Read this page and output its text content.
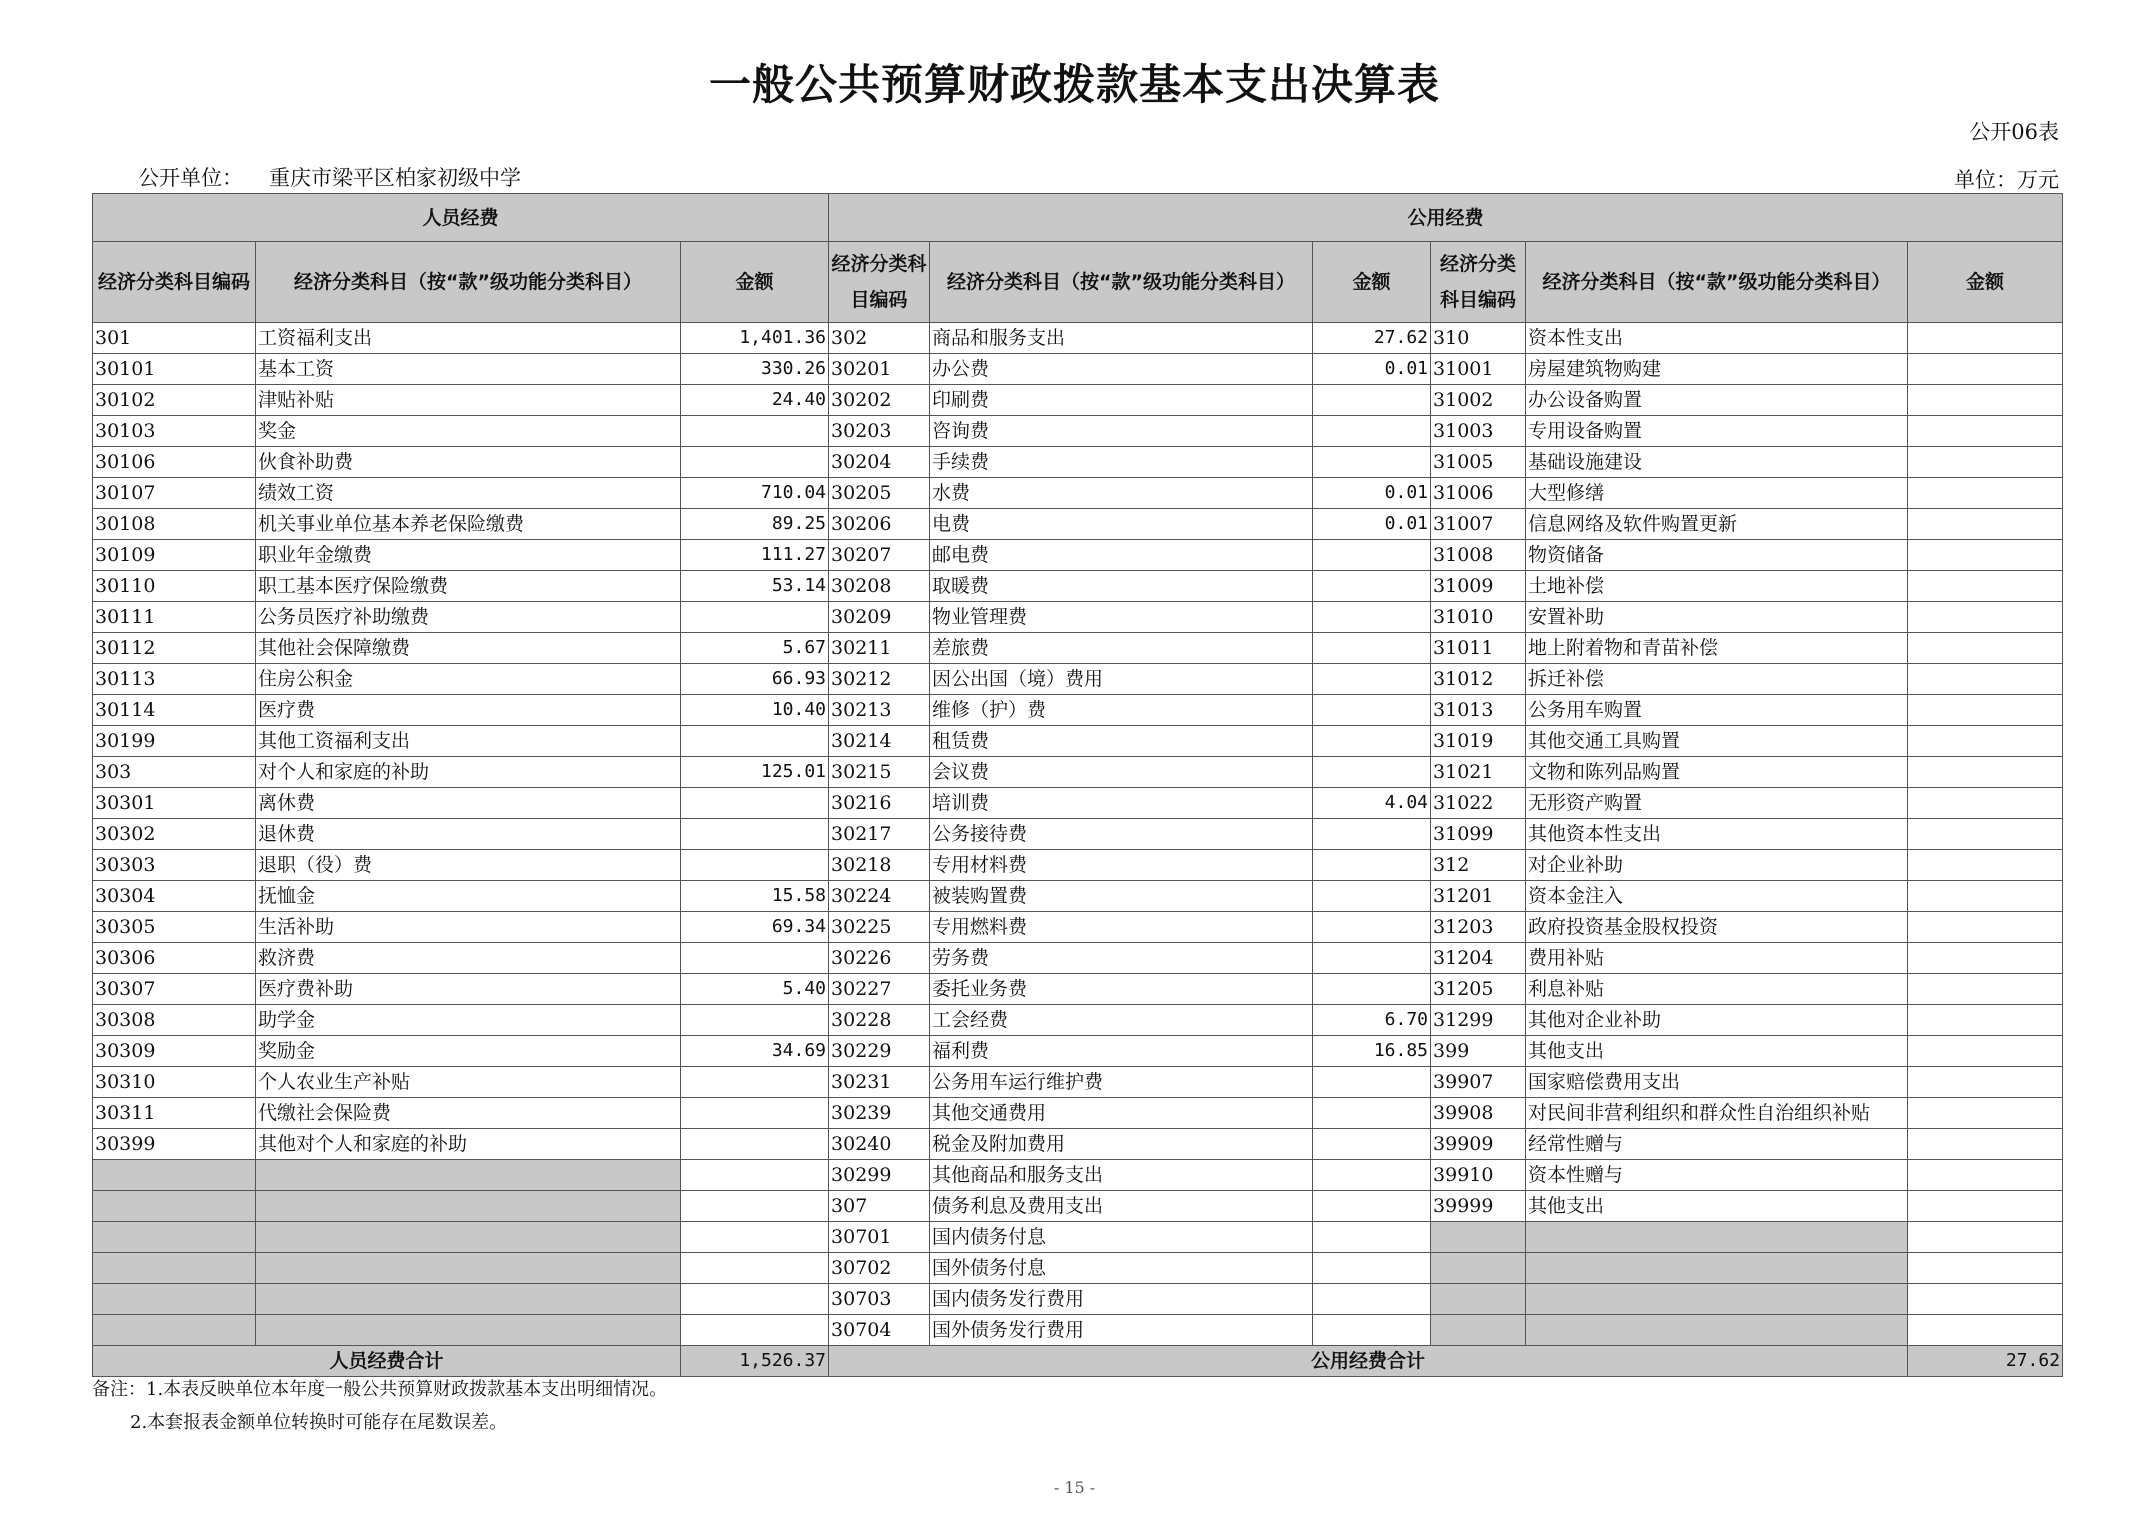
一般公共预算财政拨款基本支出决算表
公开06表
公开单位： 重庆市梁平区柏家初级中学	单位：万元
人员经费			公用经费					
经济分类科目编码	经济分类科目（按“款”级功能分类科目）	金额	经济分类科目编码	经济分类科目（按“款”级功能分类科目）	金额	经济分类科目编码	经济分类科目（按“款”级功能分类科目）	金额
301	工资福利支出	1,401.36	302	商品和服务支出	27.62	310	资本性支出	
30101	基本工资	330.26	30201	办公费	0.01	31001	房屋建筑物购建	
30102	津贴补贴	24.40	30202	印刷费		31002	办公设备购置	
30103	奖金		30203	咨询费		31003	专用设备购置	
30106	伙食补助费		30204	手续费		31005	基础设施建设	
30107	绩效工资	710.04	30205	水费	0.01	31006	大型修缮	
30108	机关事业单位基本养老保险缴费	89.25	30206	电费	0.01	31007	信息网络及软件购置更新	
30109	职业年金缴费	111.27	30207	邮电费		31008	物资储备	
30110	职工基本医疗保险缴费	53.14	30208	取暖费		31009	土地补偿	
30111	公务员医疗补助缴费		30209	物业管理费		31010	安置补助	
30112	其他社会保障缴费	5.67	30211	差旅费		31011	地上附着物和青苗补偿	
30113	住房公积金	66.93	30212	因公出国（境）费用		31012	拆迁补偿	
30114	医疗费	10.40	30213	维修（护）费		31013	公务用车购置	
30199	其他工资福利支出		30214	租赁费		31019	其他交通工具购置	
303	对个人和家庭的补助	125.01	30215	会议费		31021	文物和陈列品购置	
30301	离休费		30216	培训费	4.04	31022	无形资产购置	
30302	退休费		30217	公务接待费		31099	其他资本性支出	
30303	退职（役）费		30218	专用材料费		312	对企业补助	
30304	抚恤金	15.58	30224	被装购置费		31201	资本金注入	
30305	生活补助	69.34	30225	专用燃料费		31203	政府投资基金股权投资	
30306	救济费		30226	劳务费		31204	费用补贴	
30307	医疗费补助	5.40	30227	委托业务费		31205	利息补贴	
30308	助学金		30228	工会经费	6.70	31299	其他对企业补助	
30309	奖励金	34.69	30229	福利费	16.85	399	其他支出	
30310	个人农业生产补贴		30231	公务用车运行维护费		39907	国家赔偿费用支出	
30311	代缴社会保险费		30239	其他交通费用		39908	对民间非营利组织和群众性自治组织补贴	
30399	其他对个人和家庭的补助		30240	税金及附加费用		39909	经常性赠与	
			30299	其他商品和服务支出		39910	资本性赠与	
			307	债务利息及费用支出		39999	其他支出	
			30701	国内债务付息				
			30702	国外债务付息				
			30703	国内债务发行费用				
			30704	国外债务发行费用				
人员经费合计		1,526.37	公用经费合计					27.62
备注：1.本表反映单位本年度一般公共预算财政拨款基本支出明细情况。
2.本套报表金额单位转换时可能存在尾数误差。
- 15 -
